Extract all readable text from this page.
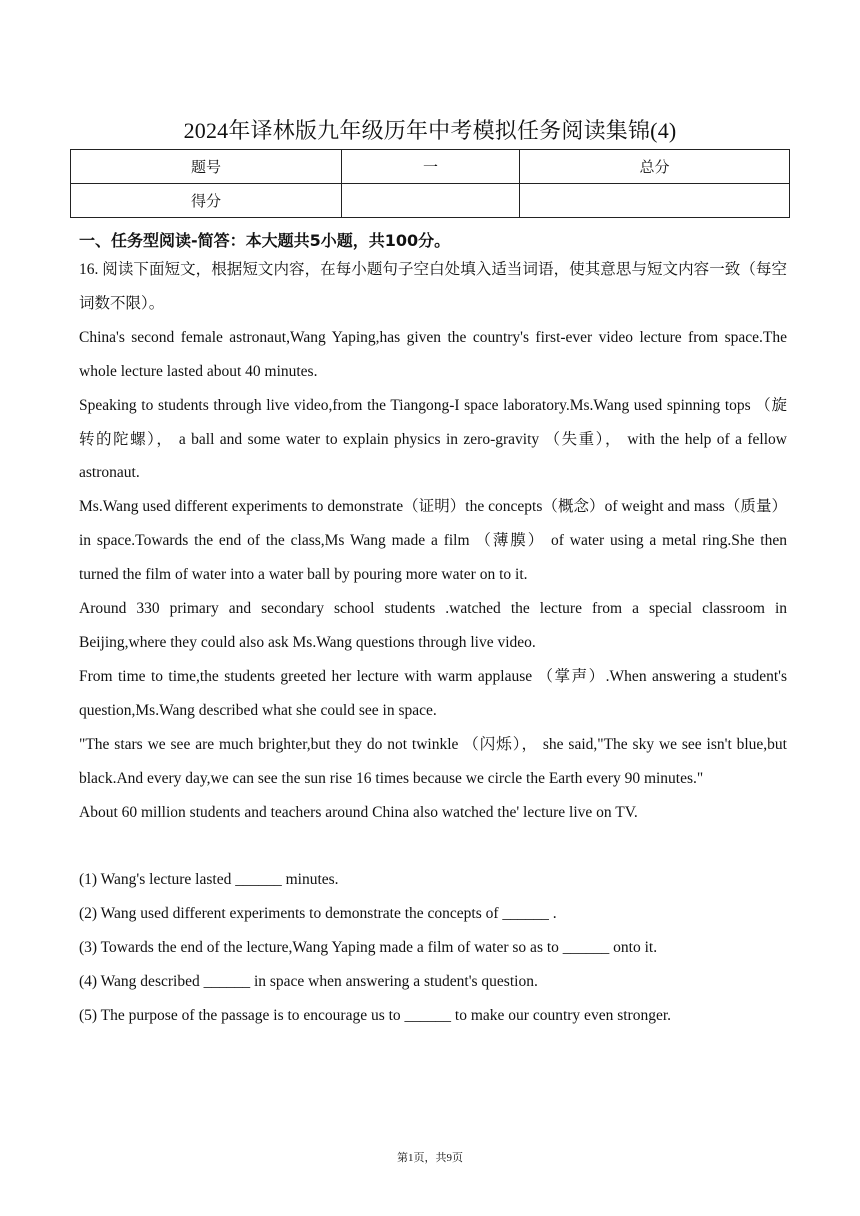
2024年译林版九年级历年中考模拟任务阅读集锦(4)
题号	一	总分
得分		
一、任务型阅读-简答：本大题共5小题，共100分。

16. 阅读下面短文，根据短文内容，在每小题句子空白处填入适当词语，使其意思与短文内容一致（每空词数不限）。

China's second female astronaut,Wang Yaping,has given the country's first-ever video lecture from space.The whole lecture lasted about 40 minutes.

Speaking to students through live video,from the Tiangong-I space laboratory.Ms.Wang used spinning tops （旋转的陀螺）， a ball and some water to explain physics in zero-gravity （失重）， with the help of a fellow astronaut.

Ms.Wang used different experiments to demonstrate（证明）the concepts（概念）of weight and mass（质量） in space.Towards the end of the class,Ms Wang made a film （薄膜） of water using a metal ring.She then turned the film of water into a water ball by pouring more water on to it.

Around 330 primary and secondary school students .watched the lecture from a special classroom in Beijing,where they could also ask Ms.Wang questions through live video.

From time to time,the students greeted her lecture with warm applause （掌声）.When answering a student's question,Ms.Wang described what she could see in space.

"The stars we see are much brighter,but they do not twinkle （闪烁）， she said,"The sky we see isn't blue,but black.And every day,we can see the sun rise 16 times because we circle the Earth every 90 minutes."

About 60 million students and teachers around China also watched the' lecture live on TV.

(1) Wang's lecture lasted ______ minutes.

(2) Wang used different experiments to demonstrate the concepts of ______ .

(3) Towards the end of the lecture,Wang Yaping made a film of water so as to ______ onto it.

(4) Wang described ______ in space when answering a student's question.

(5) The purpose of the passage is to encourage us to ______ to make our country even stronger.

第1页，共9页
